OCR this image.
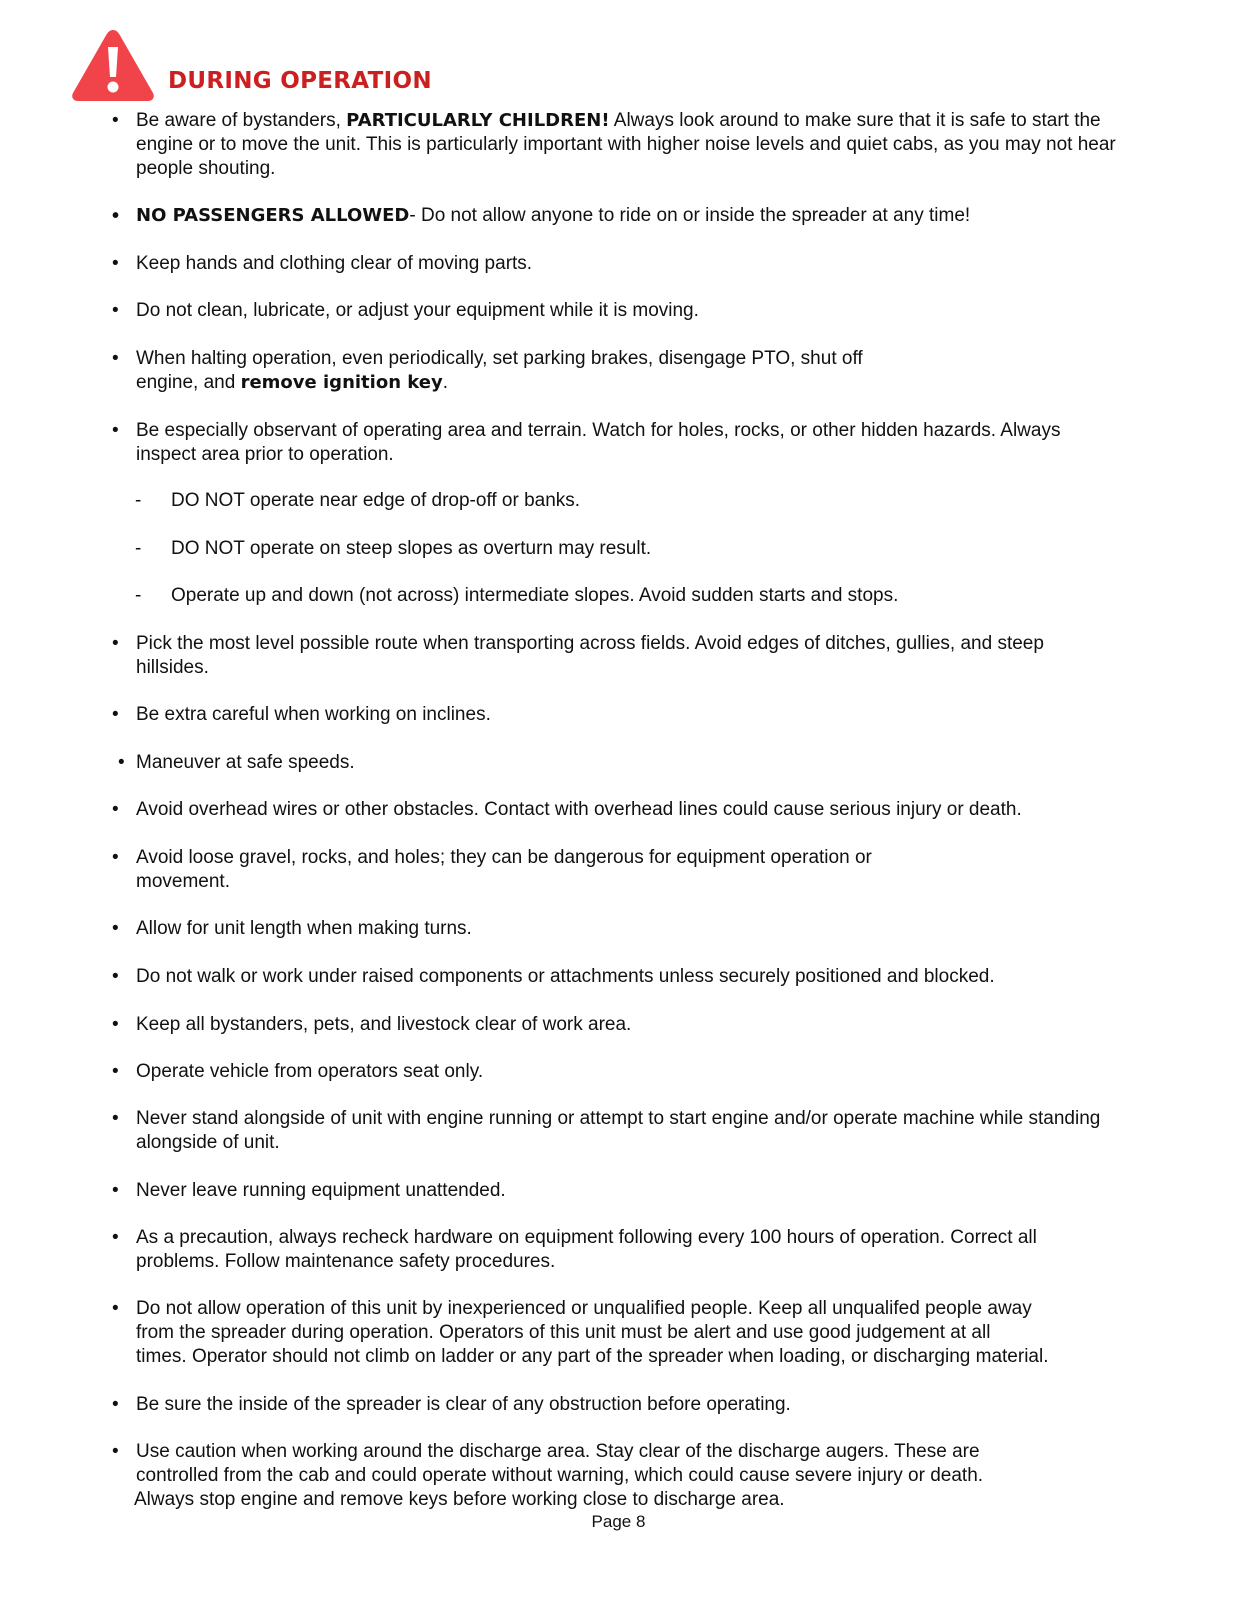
DURING OPERATION
• Be aware of bystanders, PARTICULARLY CHILDREN! Always look around to make sure that it is safe to start the engine or to move the unit. This is particularly important with higher noise levels and quiet cabs, as you may not hear people shouting.
• NO PASSENGERS ALLOWED- Do not allow anyone to ride on or inside the spreader at any time!
• Keep hands and clothing clear of moving parts.
• Do not clean, lubricate, or adjust your equipment while it is moving.
• When halting operation, even periodically, set parking brakes, disengage PTO, shut off
engine, and remove ignition key.
• Be especially observant of operating area and terrain. Watch for holes, rocks, or other hidden hazards. Always inspect area prior to operation.
-	DO NOT operate near edge of drop-off or banks.
-	DO NOT operate on steep slopes as overturn may result.
-	Operate up and down (not across) intermediate slopes. Avoid sudden starts and stops.
• Pick the most level possible route when transporting across fields. Avoid edges of ditches, gullies, and steep hillsides.
• Be extra careful when working on inclines.
• Maneuver at safe speeds.
• Avoid overhead wires or other obstacles. Contact with overhead lines could cause serious injury or death.
• Avoid loose gravel, rocks, and holes; they can be dangerous for equipment operation or
movement.
• Allow for unit length when making turns.
• Do not walk or work under raised components or attachments unless securely positioned and blocked.
• Keep all bystanders, pets, and livestock clear of work area.
• Operate vehicle from operators seat only.
• Never stand alongside of unit with engine running or attempt to start engine and/or operate machine while standing alongside of unit.
• Never leave running equipment unattended.
• As a precaution, always recheck hardware on equipment following every 100 hours of operation. Correct all problems. Follow maintenance safety procedures.
• Do not allow operation of this unit by inexperienced or unqualified people. Keep all unqualifed people away
from the spreader during operation. Operators of this unit must be alert and use good judgement at all
times. Operator should not climb on ladder or any part of the spreader when loading, or discharging material.
• Be sure the inside of the spreader is clear of any obstruction before operating.
• Use caution when working around the discharge area. Stay clear of the discharge augers. These are
controlled from the cab and could operate without warning, which could cause severe injury or death.
Always stop engine and remove keys before working close to discharge area.
Page 8
